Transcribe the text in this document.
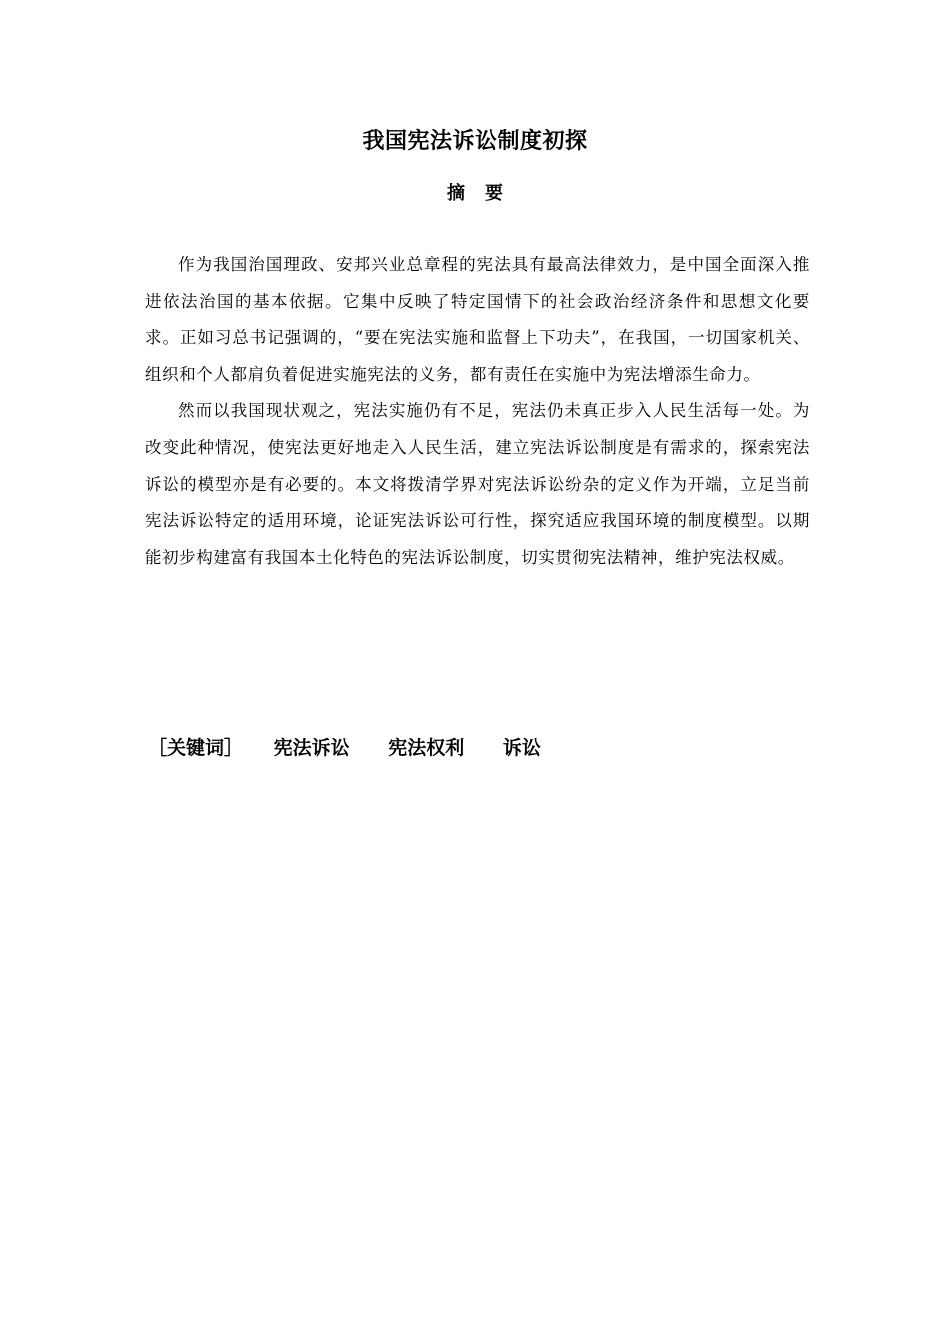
我国宪法诉讼制度初探
摘要

作为我国治国理政、安邦兴业总章程的宪法具有最高法律效力，是中国全面深入推进依法治国的基本依据。它集中反映了特定国情下的社会政治经济条件和思想文化要求。正如习总书记强调的，“要在宪法实施和监督上下功夫”，在我国，一切国家机关、组织和个人都肩负着促进实施宪法的义务，都有责任在实施中为宪法增添生命力。

然而以我国现状观之，宪法实施仍有不足，宪法仍未真正步入人民生活每一处。为改变此种情况，使宪法更好地走入人民生活，建立宪法诉讼制度是有需求的，探索宪法诉讼的模型亦是有必要的。本文将拨清学界对宪法诉讼纷杂的定义作为开端，立足当前宪法诉讼特定的适用环境，论证宪法诉讼可行性，探究适应我国环境的制度模型。以期能初步构建富有我国本土化特色的宪法诉讼制度，切实贯彻宪法精神，维护宪法权威。

［关键词］ 宪法诉讼 宪法权利 诉讼
